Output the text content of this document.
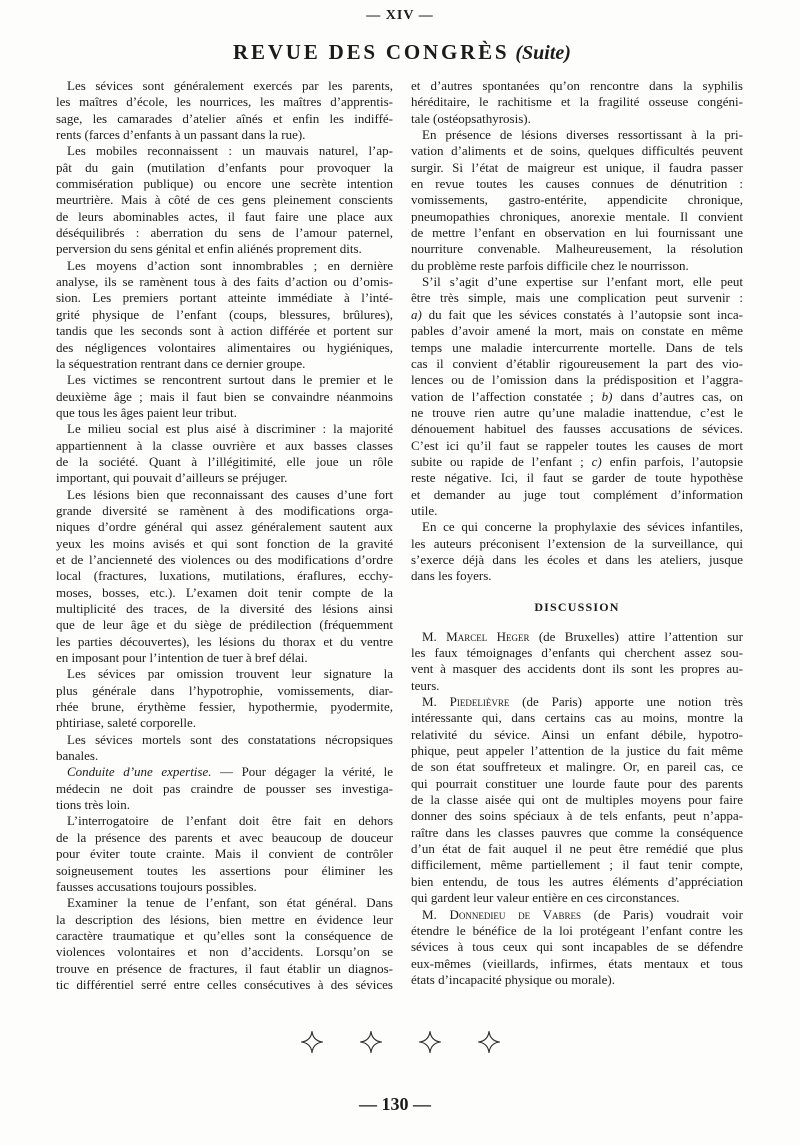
— XIV —
REVUE DES CONGRÈS (Suite)
Les sévices sont généralement exercés par les parents,
les maîtres d’école, les nourrices, les maîtres d’apprentis-
sage, les camarades d’atelier aînés et enfin les indiffé-
rents (farces d’enfants à un passant dans la rue).
Les mobiles reconnaissent : un mauvais naturel, l’ap-
pât du gain (mutilation d’enfants pour provoquer la
commisération publique) ou encore une secrète intention
meurtrière. Mais à côté de ces gens pleinement conscients
de leurs abominables actes, il faut faire une place aux
déséquilibrés : aberration du sens de l’amour paternel,
perversion du sens génital et enfin aliénés proprement dits.
Les moyens d’action sont innombrables ; en dernière
analyse, ils se ramènent tous à des faits d’action ou d’omis-
sion. Les premiers portant atteinte immédiate à l’inté-
grité physique de l’enfant (coups, blessures, brûlures),
tandis que les seconds sont à action différée et portent sur
des négligences volontaires alimentaires ou hygiéniques,
la séquestration rentrant dans ce dernier groupe.
Les victimes se rencontrent surtout dans le premier et le
deuxième âge ; mais il faut bien se convaindre néanmoins
que tous les âges paient leur tribut.
Le milieu social est plus aisé à discriminer : la majorité
appartiennent à la classe ouvrière et aux basses classes
de la société. Quant à l’illégitimité, elle joue un rôle
important, qui pouvait d’ailleurs se préjuger.
Les lésions bien que reconnaissant des causes d’une fort
grande diversité se ramènent à des modifications orga-
niques d’ordre général qui assez généralement sautent aux
yeux les moins avisés et qui sont fonction de la gravité
et de l’ancienneté des violences ou des modifications d’ordre
local (fractures, luxations, mutilations, éraflures, ecchy-
moses, bosses, etc.). L’examen doit tenir compte de la
multiplicité des traces, de la diversité des lésions ainsi
que de leur âge et du siège de prédilection (fréquemment
les parties découvertes), les lésions du thorax et du ventre
en imposant pour l’intention de tuer à bref délai.
Les sévices par omission trouvent leur signature la
plus générale dans l’hypotrophie, vomissements, diar-
rhée brune, érythème fessier, hypothermie, pyodermite,
phtiriase, saleté corporelle.
Les sévices mortels sont des constatations nécropsiques
banales.
Conduite d’une expertise. — Pour dégager la vérité, le
médecin ne doit pas craindre de pousser ses investiga-
tions très loin.
L’interrogatoire de l’enfant doit être fait en dehors
de la présence des parents et avec beaucoup de douceur
pour éviter toute crainte. Mais il convient de contrôler
soigneusement toutes les assertions pour éliminer les
fausses accusations toujours possibles.
Examiner la tenue de l’enfant, son état général. Dans
la description des lésions, bien mettre en évidence leur
caractère traumatique et qu’elles sont la conséquence de
violences volontaires et non d’accidents. Lorsqu’on se
trouve en présence de fractures, il faut établir un diagnos-
tic différentiel serré entre celles consécutives à des sévices
et d’autres spontanées qu’on rencontre dans la syphilis
héréditaire, le rachitisme et la fragilité osseuse congéni-
tale (ostéopsathyrosis).
En présence de lésions diverses ressortissant à la pri-
vation d’aliments et de soins, quelques difficultés peuvent
surgir. Si l’état de maigreur est unique, il faudra passer
en revue toutes les causes connues de dénutrition :
vomissements, gastro-entérite, appendicite chronique,
pneumopathies chroniques, anorexie mentale. Il convient
de mettre l’enfant en observation en lui fournissant une
nourriture convenable. Malheureusement, la résolution
du problème reste parfois difficile chez le nourrisson.
S’il s’agit d’une expertise sur l’enfant mort, elle peut
être très simple, mais une complication peut survenir :
a) du fait que les sévices constatés à l’autopsie sont inca-
pables d’avoir amené la mort, mais on constate en même
temps une maladie intercurrente mortelle. Dans de tels
cas il convient d’établir rigoureusement la part des vio-
lences ou de l’omission dans la prédisposition et l’aggra-
vation de l’affection constatée ; b) dans d’autres cas, on
ne trouve rien autre qu’une maladie inattendue, c’est le
dénouement habituel des fausses accusations de sévices.
C’est ici qu’il faut se rappeler toutes les causes de mort
subite ou rapide de l’enfant ; c) enfin parfois, l’autopsie
reste négative. Ici, il faut se garder de toute hypothèse
et demander au juge tout complément d’information
utile.
En ce qui concerne la prophylaxie des sévices infantiles,
les auteurs préconisent l’extension de la surveillance, qui
s’exerce déjà dans les écoles et dans les ateliers, jusque
dans les foyers.
DISCUSSION
M. Marcel Heger (de Bruxelles) attire l’attention sur
les faux témoignages d’enfants qui cherchent assez sou-
vent à masquer des accidents dont ils sont les propres au-
teurs.
M. Piedelièvre (de Paris) apporte une notion très
intéressante qui, dans certains cas au moins, montre la
relativité du sévice. Ainsi un enfant débile, hypotro-
phique, peut appeler l’attention de la justice du fait même
de son état souffreteux et malingre. Or, en pareil cas, ce
qui pourrait constituer une lourde faute pour des parents
de la classe aisée qui ont de multiples moyens pour faire
donner des soins spéciaux à de tels enfants, peut n’appa-
raître dans les classes pauvres que comme la conséquence
d’un état de fait auquel il ne peut être remédié que plus
difficilement, même partiellement ; il faut tenir compte,
bien entendu, de tous les autres éléments d’appréciation
qui gardent leur valeur entière en ces circonstances.
M. Donnedieu de Vabres (de Paris) voudrait voir
étendre le bénéfice de la loi protégeant l’enfant contre les
sévices à tous ceux qui sont incapables de se défendre
eux-mêmes (vieillards, infirmes, états mentaux et tous
états d’incapacité physique ou morale).
— 130 —
